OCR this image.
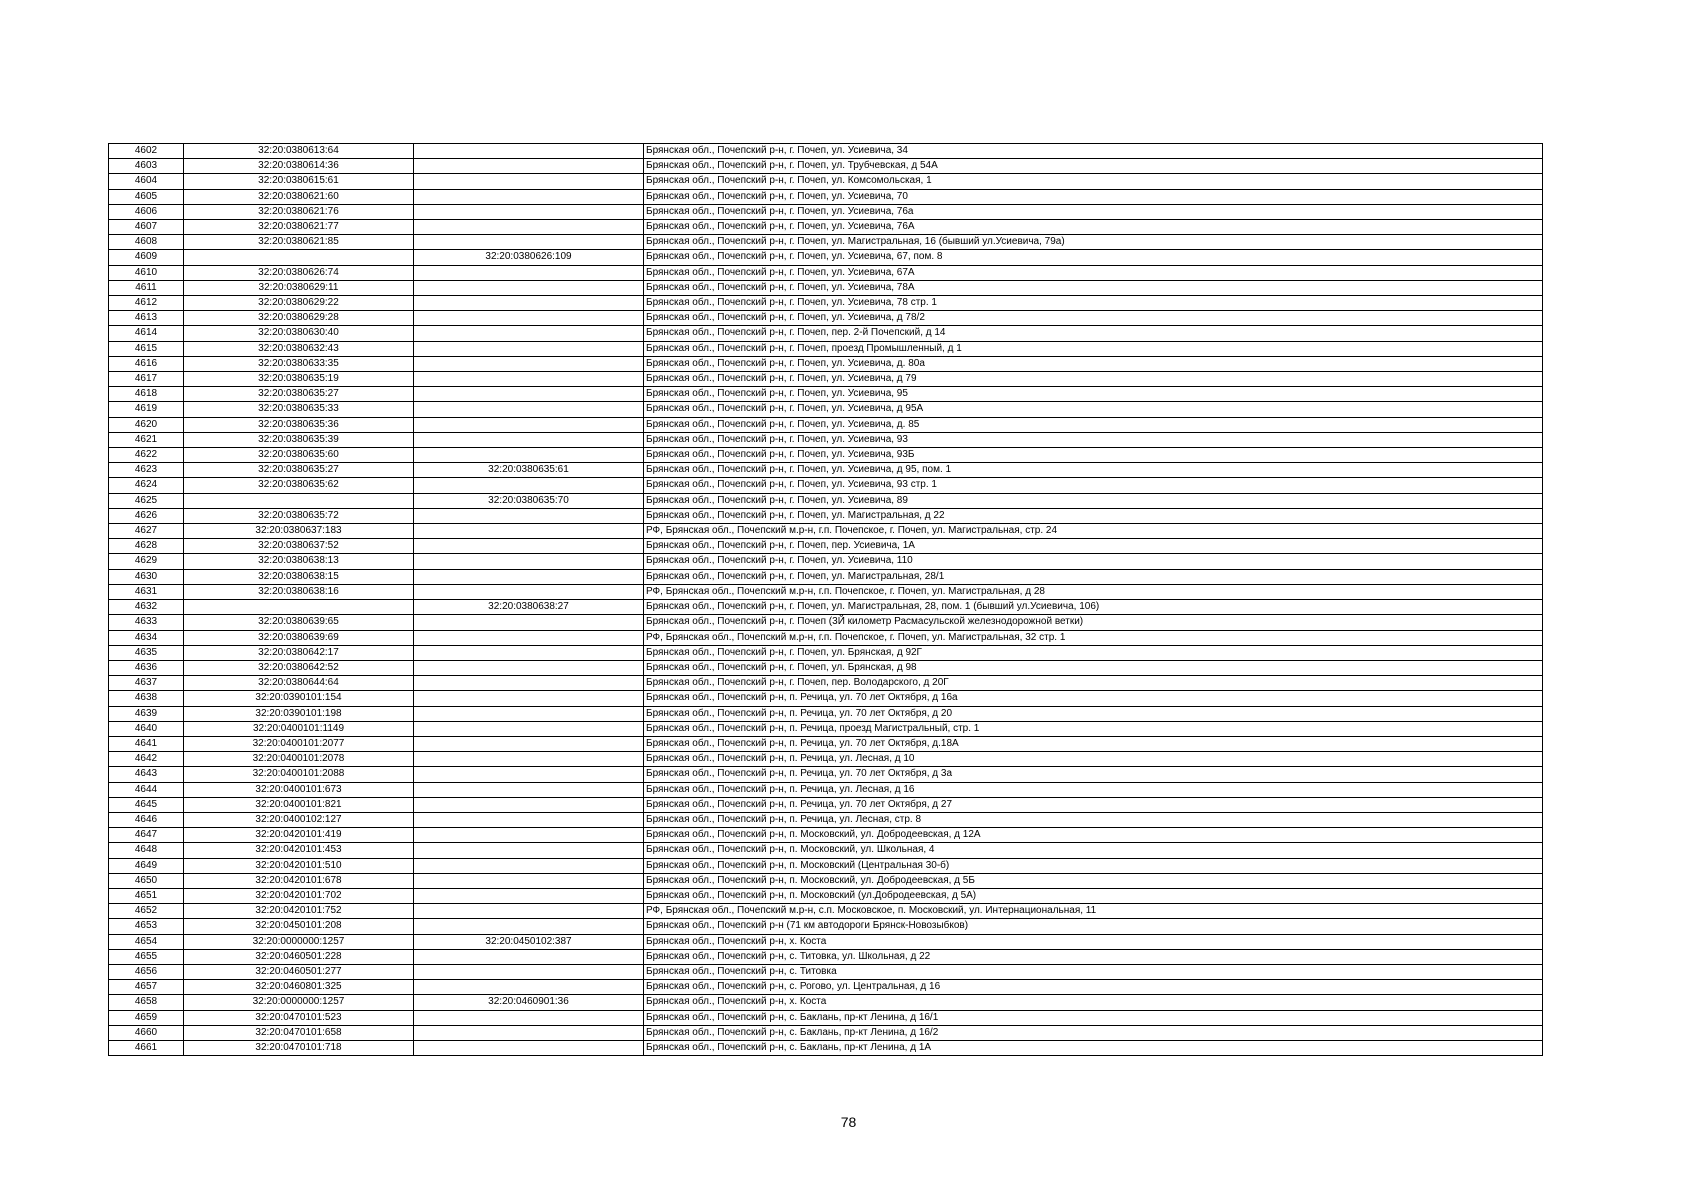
4602	32:20:0380613:64		Брянская обл., Почепский р-н, г. Почеп, ул. Усиевича, 34
4603	32:20:0380614:36		Брянская обл., Почепский р-н, г. Почеп, ул. Трубчевская, д 54А
4604	32:20:0380615:61		Брянская обл., Почепский р-н, г. Почеп, ул. Комсомольская, 1
4605	32:20:0380621:60		Брянская обл., Почепский р-н, г. Почеп, ул. Усиевича, 70
4606	32:20:0380621:76		Брянская обл., Почепский р-н, г. Почеп, ул. Усиевича, 76а
4607	32:20:0380621:77		Брянская обл., Почепский р-н, г. Почеп, ул. Усиевича, 76А
4608	32:20:0380621:85		Брянская обл., Почепский р-н, г. Почеп, ул. Магистральная, 16 (бывший ул.Усиевича, 79а)
4609		32:20:0380626:109	Брянская обл., Почепский р-н, г. Почеп, ул. Усиевича, 67, пом. 8
4610	32:20:0380626:74		Брянская обл., Почепский р-н, г. Почеп, ул. Усиевича, 67А
4611	32:20:0380629:11		Брянская обл., Почепский р-н, г. Почеп, ул. Усиевича, 78А
4612	32:20:0380629:22		Брянская обл., Почепский р-н, г. Почеп, ул. Усиевича, 78 стр. 1
4613	32:20:0380629:28		Брянская обл., Почепский р-н, г. Почеп, ул. Усиевича, д 78/2
4614	32:20:0380630:40		Брянская обл., Почепский р-н, г. Почеп, пер. 2-й Почепский, д 14
4615	32:20:0380632:43		Брянская обл., Почепский р-н, г. Почеп, проезд Промышленный, д 1
4616	32:20:0380633:35		Брянская обл., Почепский р-н, г. Почеп, ул. Усиевича, д. 80а
4617	32:20:0380635:19		Брянская обл., Почепский р-н, г. Почеп, ул. Усиевича, д 79
4618	32:20:0380635:27		Брянская обл., Почепский р-н, г. Почеп, ул. Усиевича, 95
4619	32:20:0380635:33		Брянская обл., Почепский р-н, г. Почеп, ул. Усиевича, д 95А
4620	32:20:0380635:36		Брянская обл., Почепский р-н, г. Почеп, ул. Усиевича, д. 85
4621	32:20:0380635:39		Брянская обл., Почепский р-н, г. Почеп, ул. Усиевича, 93
4622	32:20:0380635:60		Брянская обл., Почепский р-н, г. Почеп, ул. Усиевича, 93Б
4623	32:20:0380635:27	32:20:0380635:61	Брянская обл., Почепский р-н, г. Почеп, ул. Усиевича, д 95, пом. 1
4624	32:20:0380635:62		Брянская обл., Почепский р-н, г. Почеп, ул. Усиевича, 93 стр. 1
4625		32:20:0380635:70	Брянская обл., Почепский р-н, г. Почеп, ул. Усиевича, 89
4626	32:20:0380635:72		Брянская обл., Почепский р-н, г. Почеп, ул. Магистральная, д 22
4627	32:20:0380637:183		РФ, Брянская обл., Почепский м.р-н, г.п. Почепское, г. Почеп, ул. Магистральная, стр. 24
4628	32:20:0380637:52		Брянская обл., Почепский р-н, г. Почеп, пер. Усиевича, 1А
4629	32:20:0380638:13		Брянская обл., Почепский р-н, г. Почеп, ул. Усиевича, 110
4630	32:20:0380638:15		Брянская обл., Почепский р-н, г. Почеп, ул. Магистральная, 28/1
4631	32:20:0380638:16		РФ, Брянская обл., Почепский м.р-н, г.п. Почепское, г. Почеп, ул. Магистральная, д 28
4632		32:20:0380638:27	Брянская обл., Почепский р-н, г. Почеп, ул. Магистральная, 28, пом. 1 (бывший ул.Усиевича, 106)
4633	32:20:0380639:65		Брянская обл., Почепский р-н, г. Почеп (3Й километр Расмасульской железнодорожной ветки)
4634	32:20:0380639:69		РФ, Брянская обл., Почепский м.р-н, г.п. Почепское, г. Почеп, ул. Магистральная, 32 стр. 1
4635	32:20:0380642:17		Брянская обл., Почепский р-н, г. Почеп, ул. Брянская, д 92Г
4636	32:20:0380642:52		Брянская обл., Почепский р-н, г. Почеп, ул. Брянская, д 98
4637	32:20:0380644:64		Брянская обл., Почепский р-н, г. Почеп, пер. Володарского, д 20Г
4638	32:20:0390101:154		Брянская обл., Почепский р-н, п. Речица, ул. 70 лет Октября, д 16а
4639	32:20:0390101:198		Брянская обл., Почепский р-н, п. Речица, ул. 70 лет Октября, д 20
4640	32:20:0400101:1149		Брянская обл., Почепский р-н, п. Речица, проезд Магистральный, стр. 1
4641	32:20:0400101:2077		Брянская обл., Почепский р-н, п. Речица, ул. 70 лет Октября, д.18А
4642	32:20:0400101:2078		Брянская обл., Почепский р-н, п. Речица, ул. Лесная, д 10
4643	32:20:0400101:2088		Брянская обл., Почепский р-н, п. Речица, ул. 70 лет Октября, д 3а
4644	32:20:0400101:673		Брянская обл., Почепский р-н, п. Речица, ул. Лесная, д 16
4645	32:20:0400101:821		Брянская обл., Почепский р-н, п. Речица, ул. 70 лет Октября, д 27
4646	32:20:0400102:127		Брянская обл., Почепский р-н, п. Речица, ул. Лесная, стр. 8
4647	32:20:0420101:419		Брянская обл., Почепский р-н, п. Московский, ул. Добродеевская, д 12А
4648	32:20:0420101:453		Брянская обл., Почепский р-н, п. Московский, ул. Школьная, 4
4649	32:20:0420101:510		Брянская обл., Почепский р-н, п. Московский (Центральная 30-б)
4650	32:20:0420101:678		Брянская обл., Почепский р-н, п. Московский, ул. Добродеевская, д 5Б
4651	32:20:0420101:702		Брянская обл., Почепский р-н, п. Московский (ул.Добродеевская, д 5А)
4652	32:20:0420101:752		РФ, Брянская обл., Почепский м.р-н, с.п. Московское, п. Московский, ул. Интернациональная, 11
4653	32:20:0450101:208		Брянская обл., Почепский р-н (71 км автодороги Брянск-Новозыбков)
4654	32:20:0000000:1257	32:20:0450102:387	Брянская обл., Почепский р-н, х. Коста
4655	32:20:0460501:228		Брянская обл., Почепский р-н, с. Титовка, ул. Школьная, д 22
4656	32:20:0460501:277		Брянская обл., Почепский р-н, с. Титовка
4657	32:20:0460801:325		Брянская обл., Почепский р-н, с. Рогово, ул. Центральная, д 16
4658	32:20:0000000:1257	32:20:0460901:36	Брянская обл., Почепский р-н, х. Коста
4659	32:20:0470101:523		Брянская обл., Почепский р-н, с. Баклань, пр-кт Ленина, д 16/1
4660	32:20:0470101:658		Брянская обл., Почепский р-н, с. Баклань, пр-кт Ленина, д 16/2
4661	32:20:0470101:718		Брянская обл., Почепский р-н, с. Баклань, пр-кт Ленина, д 1А
78
